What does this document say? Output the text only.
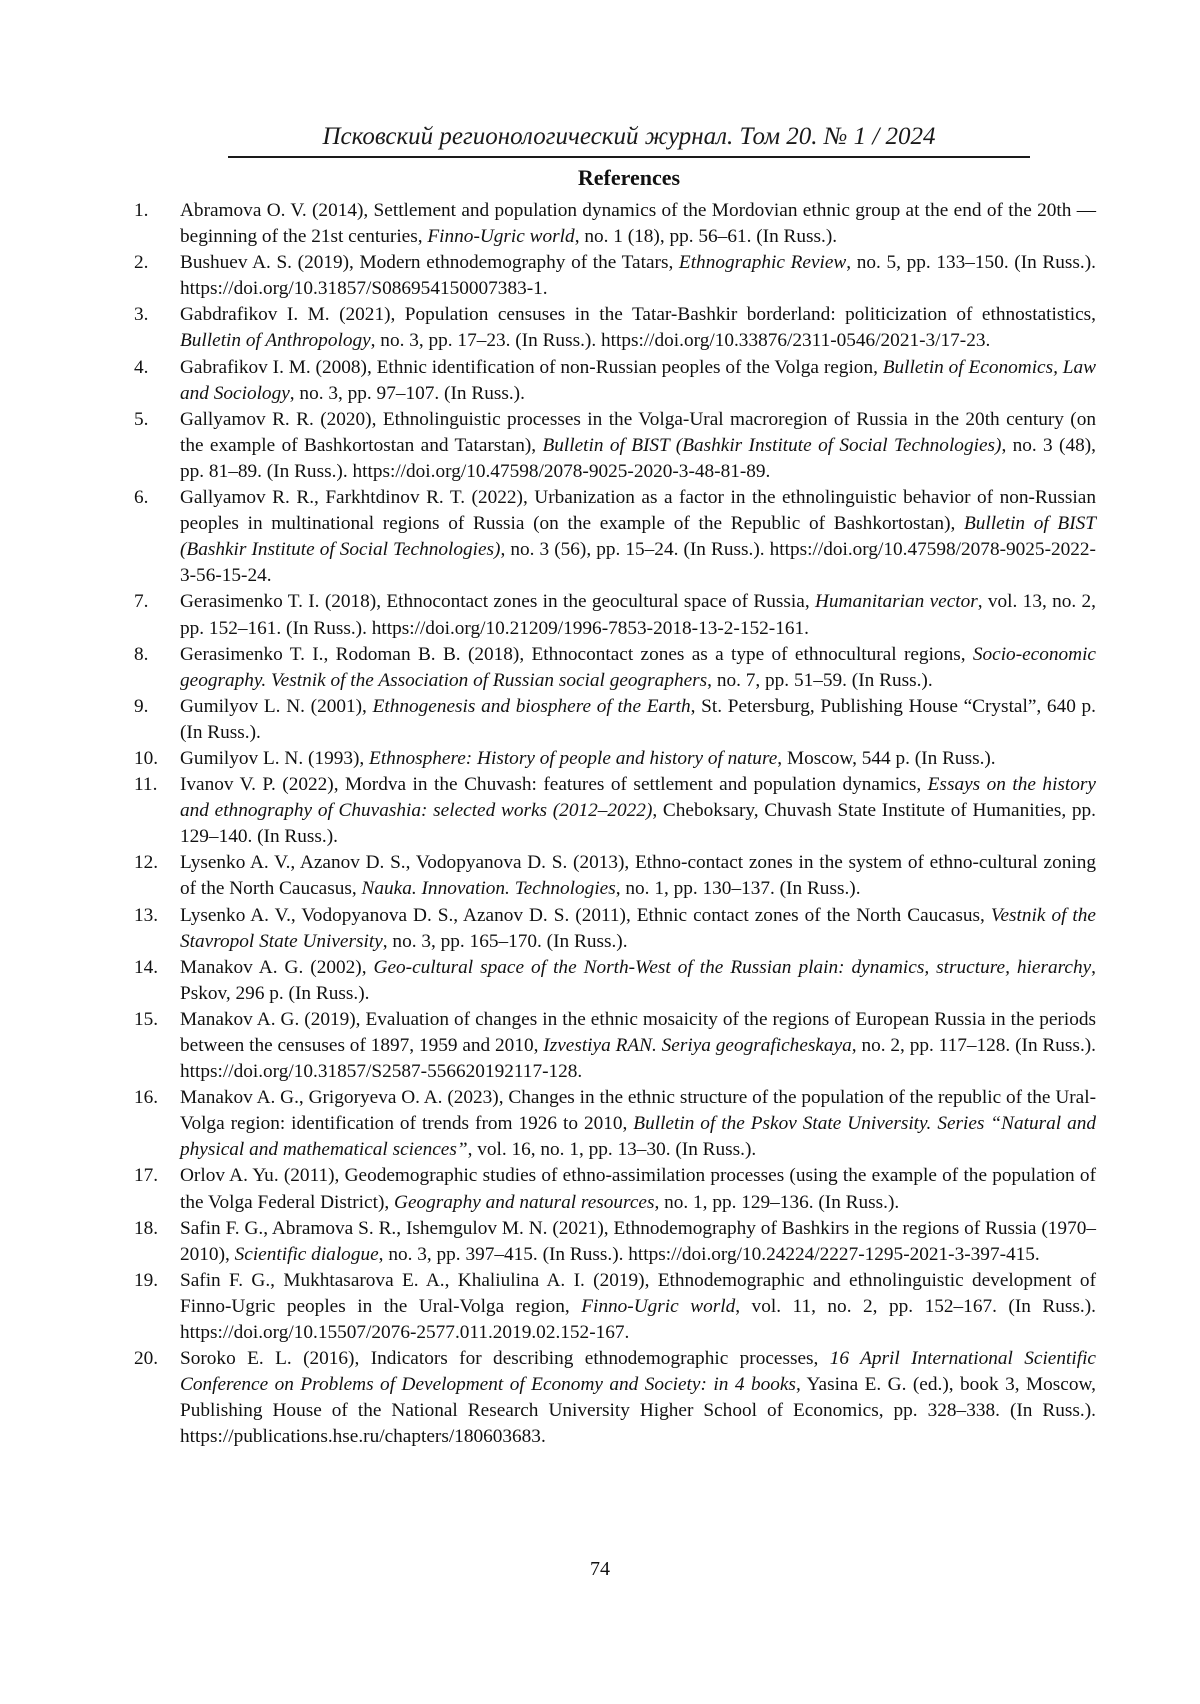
Псковский регионологический журнал. Том 20. № 1 / 2024
References
1. Abramova O. V. (2014), Settlement and population dynamics of the Mordovian ethnic group at the end of the 20th — beginning of the 21st centuries, Finno-Ugric world, no. 1 (18), pp. 56–61. (In Russ.).
2. Bushuev A. S. (2019), Modern ethnodemography of the Tatars, Ethnographic Review, no. 5, pp. 133–150. (In Russ.). https://doi.org/10.31857/S086954150007383-1.
3. Gabdrafikov I. M. (2021), Population censuses in the Tatar-Bashkir borderland: politicization of ethnostatistics, Bulletin of Anthropology, no. 3, pp. 17–23. (In Russ.). https://doi.org/10.33876/2311-0546/2021-3/17-23.
4. Gabrafikov I. M. (2008), Ethnic identification of non-Russian peoples of the Volga region, Bulletin of Economics, Law and Sociology, no. 3, pp. 97–107. (In Russ.).
5. Gallyamov R. R. (2020), Ethnolinguistic processes in the Volga-Ural macroregion of Russia in the 20th century (on the example of Bashkortostan and Tatarstan), Bulletin of BIST (Bashkir Institute of Social Technologies), no. 3 (48), pp. 81–89. (In Russ.). https://doi.org/10.47598/2078-9025-2020-3-48-81-89.
6. Gallyamov R. R., Farkhtdinov R. T. (2022), Urbanization as a factor in the ethnolinguistic behavior of non-Russian peoples in multinational regions of Russia (on the example of the Republic of Bashkortostan), Bulletin of BIST (Bashkir Institute of Social Technologies), no. 3 (56), pp. 15–24. (In Russ.). https://doi.org/10.47598/2078-9025-2022-3-56-15-24.
7. Gerasimenko T. I. (2018), Ethnocontact zones in the geocultural space of Russia, Humanitarian vector, vol. 13, no. 2, pp. 152–161. (In Russ.). https://doi.org/10.21209/1996-7853-2018-13-2-152-161.
8. Gerasimenko T. I., Rodoman B. B. (2018), Ethnocontact zones as a type of ethnocultural regions, Socio-economic geography. Vestnik of the Association of Russian social geographers, no. 7, pp. 51–59. (In Russ.).
9. Gumilyov L. N. (2001), Ethnogenesis and biosphere of the Earth, St. Petersburg, Publishing House “Crystal”, 640 p. (In Russ.).
10. Gumilyov L. N. (1993), Ethnosphere: History of people and history of nature, Moscow, 544 p. (In Russ.).
11. Ivanov V. P. (2022), Mordva in the Chuvash: features of settlement and population dynamics, Essays on the history and ethnography of Chuvashia: selected works (2012–2022), Cheboksary, Chuvash State Institute of Humanities, pp. 129–140. (In Russ.).
12. Lysenko A. V., Azanov D. S., Vodopyanova D. S. (2013), Ethno-contact zones in the system of ethno-cultural zoning of the North Caucasus, Nauka. Innovation. Technologies, no. 1, pp. 130–137. (In Russ.).
13. Lysenko A. V., Vodopyanova D. S., Azanov D. S. (2011), Ethnic contact zones of the North Caucasus, Vestnik of the Stavropol State University, no. 3, pp. 165–170. (In Russ.).
14. Manakov A. G. (2002), Geo-cultural space of the North-West of the Russian plain: dynamics, structure, hierarchy, Pskov, 296 p. (In Russ.).
15. Manakov A. G. (2019), Evaluation of changes in the ethnic mosaicity of the regions of European Russia in the periods between the censuses of 1897, 1959 and 2010, Izvestiya RAN. Seriya geograficheskaya, no. 2, pp. 117–128. (In Russ.). https://doi.org/10.31857/S2587-556620192117-128.
16. Manakov A. G., Grigoryeva O. A. (2023), Changes in the ethnic structure of the population of the republic of the Ural-Volga region: identification of trends from 1926 to 2010, Bulletin of the Pskov State University. Series “Natural and physical and mathematical sciences”, vol. 16, no. 1, pp. 13–30. (In Russ.).
17. Orlov A. Yu. (2011), Geodemographic studies of ethno-assimilation processes (using the example of the population of the Volga Federal District), Geography and natural resources, no. 1, pp. 129–136. (In Russ.).
18. Safin F. G., Abramova S. R., Ishemgulov M. N. (2021), Ethnodemography of Bashkirs in the regions of Russia (1970–2010), Scientific dialogue, no. 3, pp. 397–415. (In Russ.). https://doi.org/10.24224/2227-1295-2021-3-397-415.
19. Safin F. G., Mukhtasarova E. A., Khaliulina A. I. (2019), Ethnodemographic and ethnolinguistic development of Finno-Ugric peoples in the Ural-Volga region, Finno-Ugric world, vol. 11, no. 2, pp. 152–167. (In Russ.). https://doi.org/10.15507/2076-2577.011.2019.02.152-167.
20. Soroko E. L. (2016), Indicators for describing ethnodemographic processes, 16 April International Scientific Conference on Problems of Development of Economy and Society: in 4 books, Yasina E. G. (ed.), book 3, Moscow, Publishing House of the National Research University Higher School of Economics, pp. 328–338. (In Russ.). https://publications.hse.ru/chapters/180603683.
74
